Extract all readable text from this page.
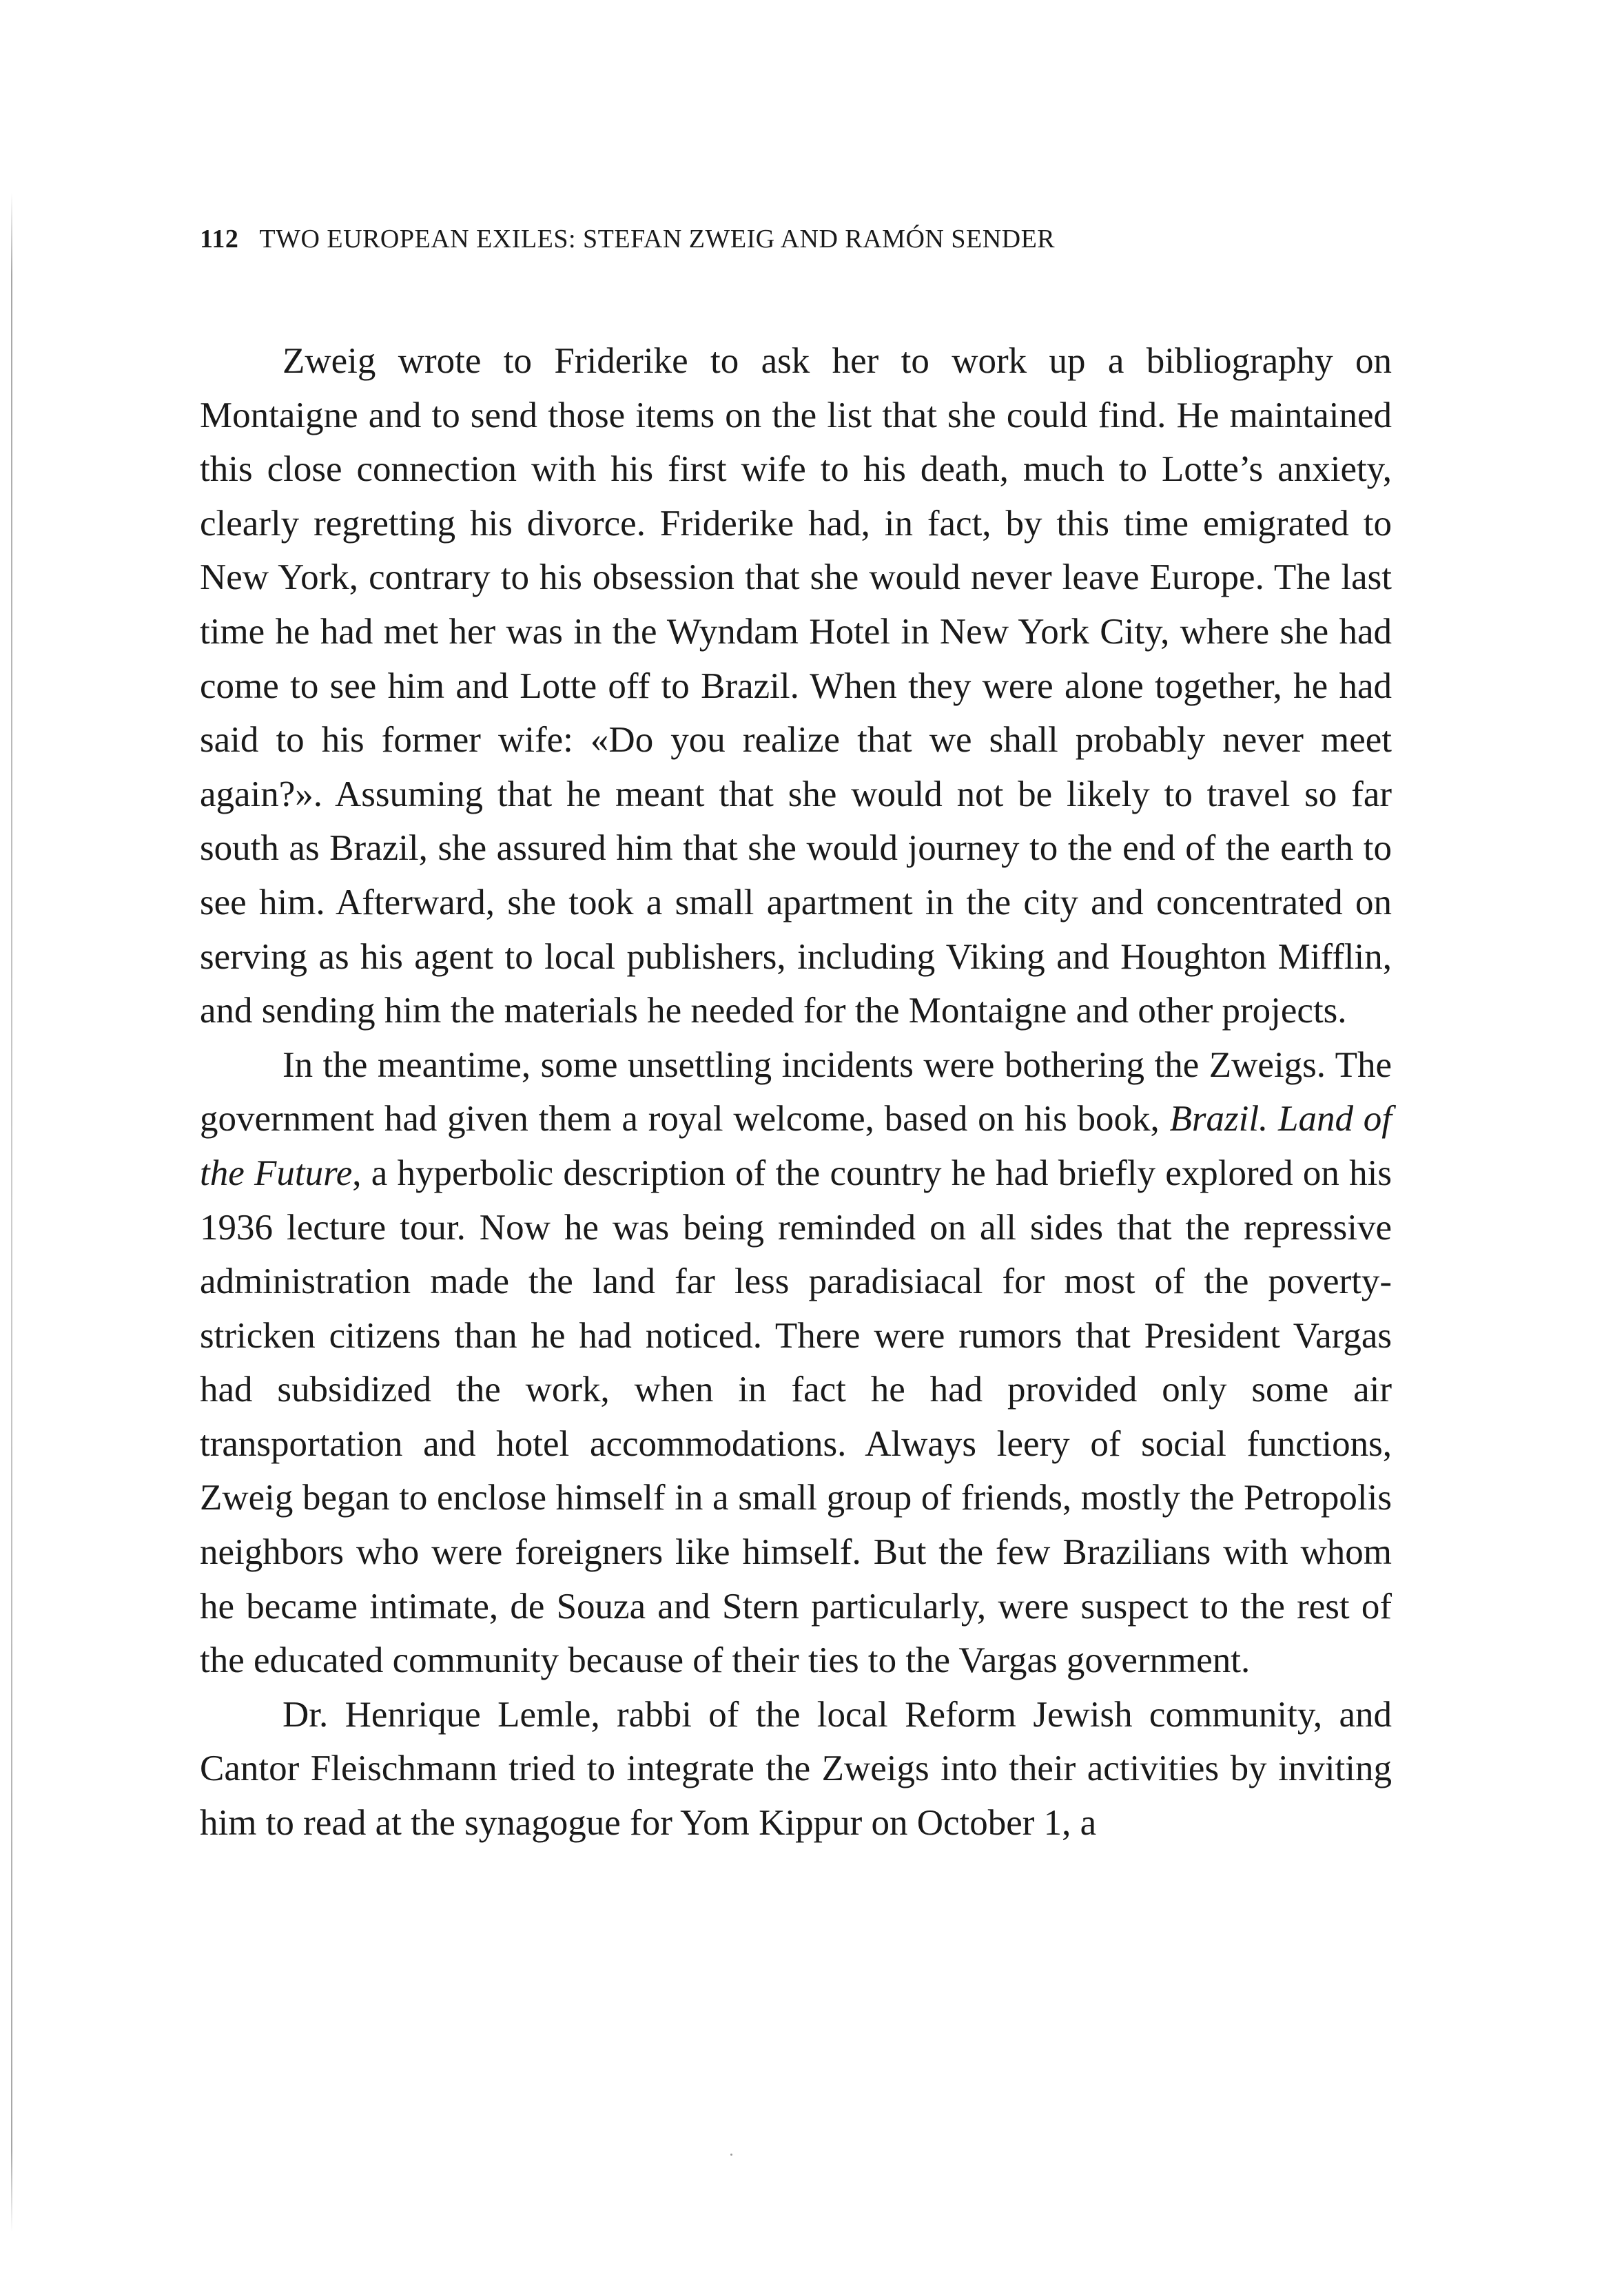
112 TWO EUROPEAN EXILES: STEFAN ZWEIG AND RAMÓN SENDER

Zweig wrote to Friderike to ask her to work up a bibliography on Montaigne and to send those items on the list that she could find. He maintained this close connection with his first wife to his death, much to Lotte’s anxiety, clearly regretting his divorce. Friderike had, in fact, by this time emigrated to New York, contrary to his obsession that she would never leave Europe. The last time he had met her was in the Wyndam Hotel in New York City, where she had come to see him and Lotte off to Brazil. When they were alone together, he had said to his former wife: «Do you realize that we shall probably never meet again?». Assuming that he meant that she would not be likely to travel so far south as Brazil, she assured him that she would journey to the end of the earth to see him. Afterward, she took a small apartment in the city and concentrated on serving as his agent to local publishers, including Viking and Houghton Mifflin, and sending him the materials he needed for the Montaigne and other projects.

In the meantime, some unsettling incidents were bothering the Zweigs. The government had given them a royal welcome, based on his book, Brazil. Land of the Future, a hyperbolic description of the country he had briefly explored on his 1936 lecture tour. Now he was being reminded on all sides that the repressive administration made the land far less paradisiacal for most of the poverty-stricken citizens than he had noticed. There were rumors that President Vargas had subsidized the work, when in fact he had provided only some air transportation and hotel accommodations. Always leery of social functions, Zweig began to enclose himself in a small group of friends, mostly the Petropolis neighbors who were foreigners like himself. But the few Brazilians with whom he became intimate, de Souza and Stern particularly, were suspect to the rest of the educated community because of their ties to the Vargas government.

Dr. Henrique Lemle, rabbi of the local Reform Jewish community, and Cantor Fleischmann tried to integrate the Zweigs into their activities by inviting him to read at the synagogue for Yom Kippur on October 1, a
